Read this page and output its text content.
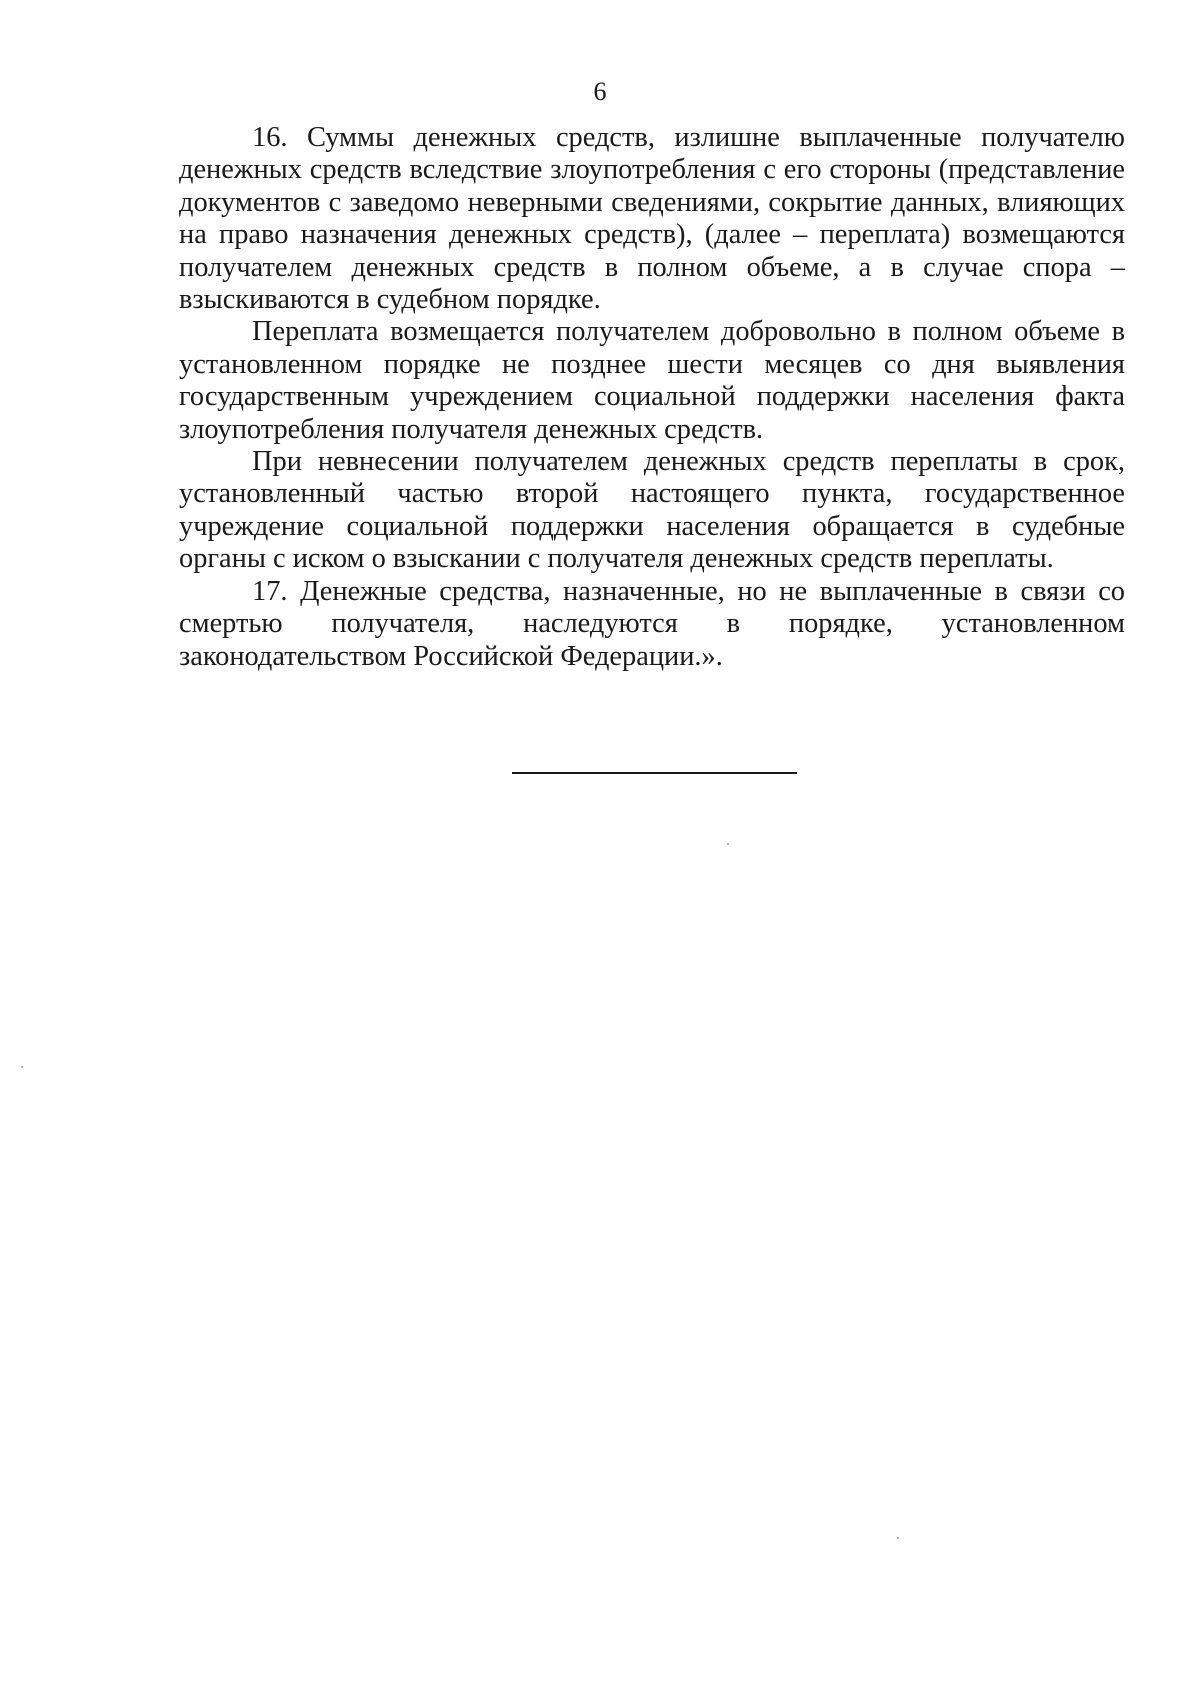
6

16. Суммы денежных средств, излишне выплаченные получателю денежных средств вследствие злоупотребления с его стороны (представление документов с заведомо неверными сведениями, сокрытие данных, влияющих на право назначения денежных средств), (далее – переплата) возмещаются получателем денежных средств в полном объеме, а в случае спора – взыскиваются в судебном порядке.

Переплата возмещается получателем добровольно в полном объеме в установленном порядке не позднее шести месяцев со дня выявления государственным учреждением социальной поддержки населения факта злоупотребления получателя денежных средств.

При невнесении получателем денежных средств переплаты в срок, установленный частью второй настоящего пункта, государственное учреждение социальной поддержки населения обращается в судебные органы с иском о взыскании с получателя денежных средств переплаты.

17. Денежные средства, назначенные, но не выплаченные в связи со смертью получателя, наследуются в порядке, установленном законодательством Российской Федерации.».
